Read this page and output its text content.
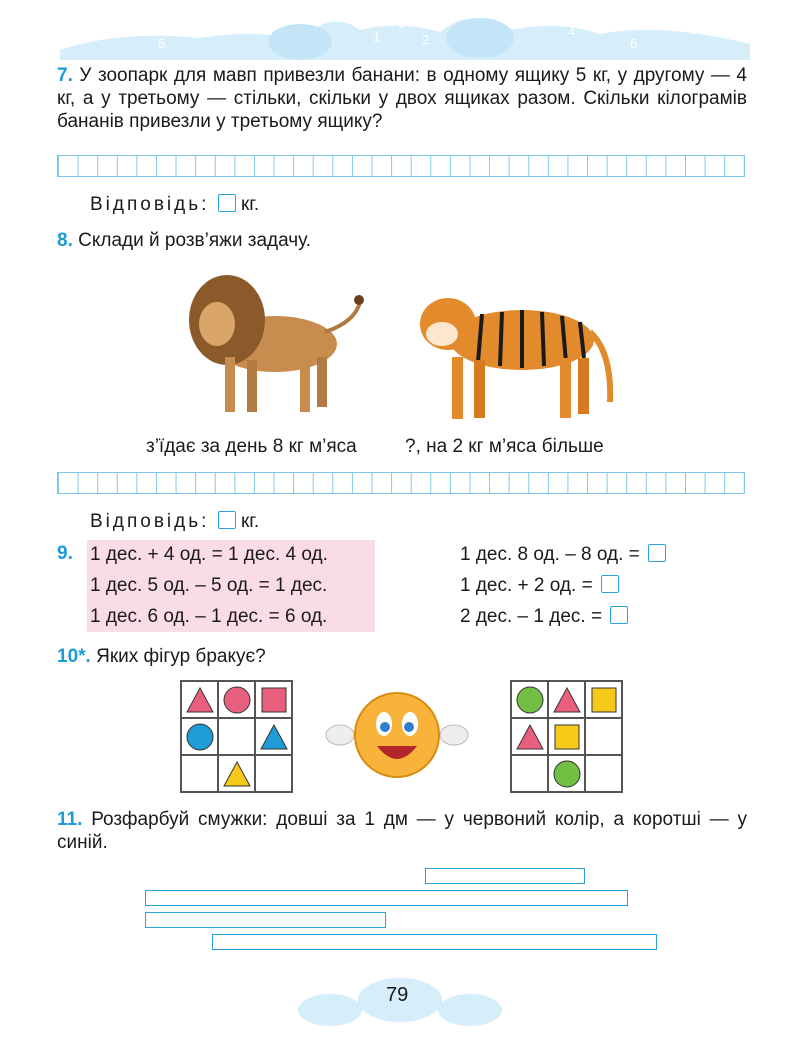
7
5
3
1
0
2
4
6
8
7. У зоопарк для мавп привезли банани: в одному ящику 5 кг, у другому — 4 кг, а у третьому — стільки, скільки у двох ящиках разом. Скільки кілограмів бананів привезли у третьому ящику?
Відповідь: кг.
8. Склади й розв’яжи задачу.
з’їдає за день 8 кг м’яса	?, на 2 кг м’яса більше
Відповідь: кг.
9. 1 дес. + 4 од. = 1 дес. 4 од.
1 дес. 5 од. – 5 од. = 1 дес.
1 дес. 6 од. – 1 дес. = 6 од.
1 дес. 8 од. – 8 од. =
1 дес. + 2 од. =
2 дес. – 1 дес. =
10*. Яких фігур бракує?
11. Розфарбуй смужки: довші за 1 дм — у червоний колір, а коротші — у синій.
79
